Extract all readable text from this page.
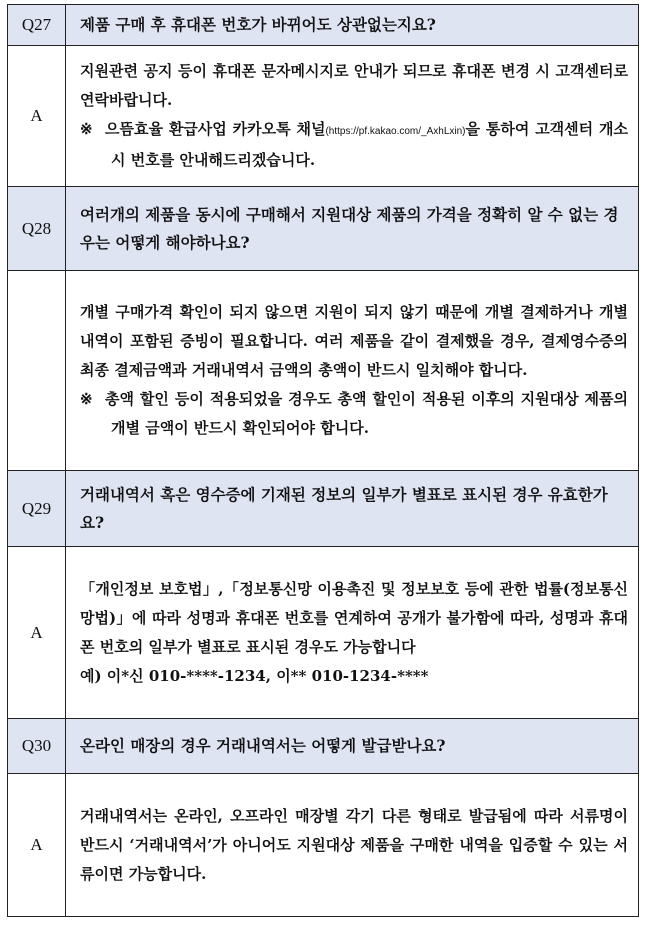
Q27	제품 구매 후 휴대폰 번호가 바뀌어도 상관없는지요?
A	지원관련 공지 등이 휴대폰 문자메시지로 안내가 되므로 휴대폰 변경 시 고객센터로 연락바랍니다.
※ 으뜸효율 환급사업 카카오톡 채널(https://pf.kakao.com/_AxhLxin)을 통하여 고객센터 개소 시 번호를 안내해드리겠습니다.

Q28	여러개의 제품을 동시에 구매해서 지원대상 제품의 가격을 정확히 알 수 없는 경우는 어떻게 해야하나요?

	개별 구매가격 확인이 되지 않으면 지원이 되지 않기 때문에 개별 결제하거나 개별 내역이 포함된 증빙이 필요합니다. 여러 제품을 같이 결제했을 경우, 결제영수증의 최종 결제금액과 거래내역서 금액의 총액이 반드시 일치해야 합니다.
※ 총액 할인 등이 적용되었을 경우도 총액 할인이 적용된 이후의 지원대상 제품의 개별 금액이 반드시 확인되어야 합니다.

Q29	거래내역서 혹은 영수증에 기재된 정보의 일부가 별표로 표시된 경우 유효한가요?
A	「개인정보 보호법」,「정보통신망 이용촉진 및 정보보호 등에 관한 법률(정보통신망법)」에 따라 성명과 휴대폰 번호를 연계하여 공개가 불가함에 따라, 성명과 휴대폰 번호의 일부가 별표로 표시된 경우도 가능합니다
예) 이*신 010-****-1234, 이** 010-1234-****

Q30	온라인 매장의 경우 거래내역서는 어떻게 발급받나요?
A	거래내역서는 온라인, 오프라인 매장별 각기 다른 형태로 발급됨에 따라 서류명이 반드시 ‘거래내역서’가 아니어도 지원대상 제품을 구매한 내역을 입증할 수 있는 서류이면 가능합니다.
